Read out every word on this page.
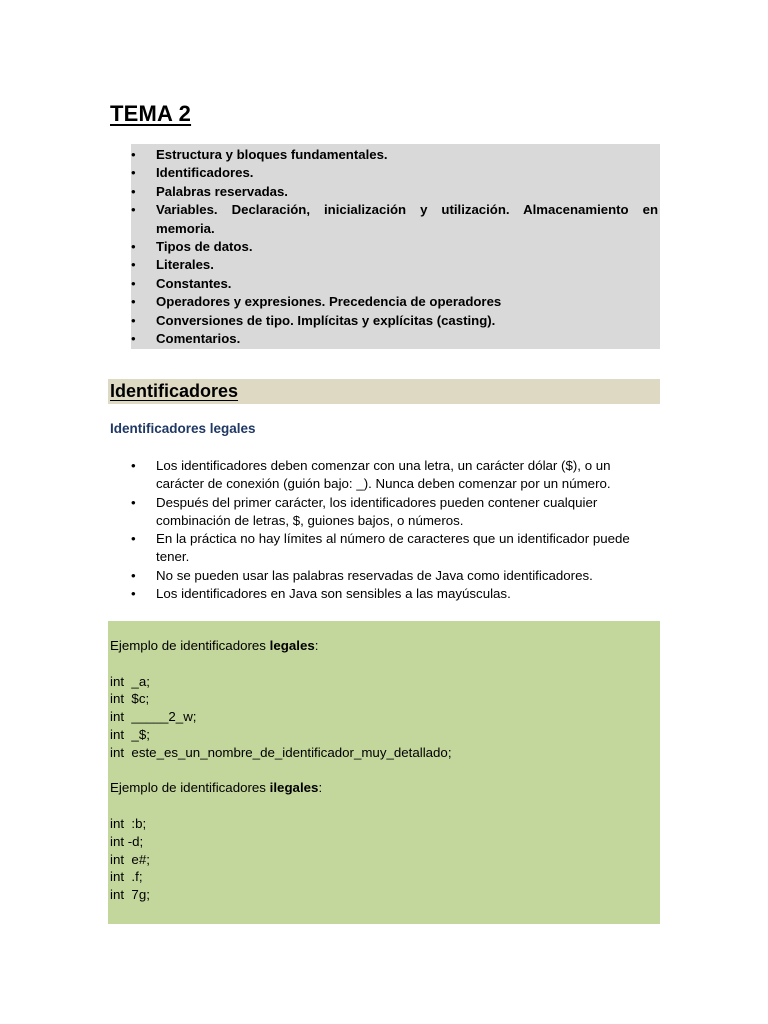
TEMA 2
• Estructura y bloques fundamentales.
• Identificadores.
• Palabras reservadas.
• Variables. Declaración, inicialización y utilización. Almacenamiento en memoria.
• Tipos de datos.
• Literales.
• Constantes.
• Operadores y expresiones. Precedencia de operadores
• Conversiones de tipo. Implícitas y explícitas (casting).
• Comentarios.
Identificadores
Identificadores legales
• Los identificadores deben comenzar con una letra, un carácter dólar ($), o un carácter de conexión (guión bajo: _). Nunca deben comenzar por un número.
• Después del primer carácter, los identificadores pueden contener cualquier combinación de letras, $, guiones bajos, o números.
• En la práctica no hay límites al número de caracteres que un identificador puede tener.
• No se pueden usar las palabras reservadas de Java como identificadores.
• Los identificadores en Java son sensibles a las mayúsculas.
Ejemplo de identificadores legales:
int  _a;
int  $c;
int  _____2_w;
int  _$;
int  este_es_un_nombre_de_identificador_muy_detallado;
Ejemplo de identificadores ilegales:
int  :b;
int -d;
int  e#;
int  .f;
int  7g;
